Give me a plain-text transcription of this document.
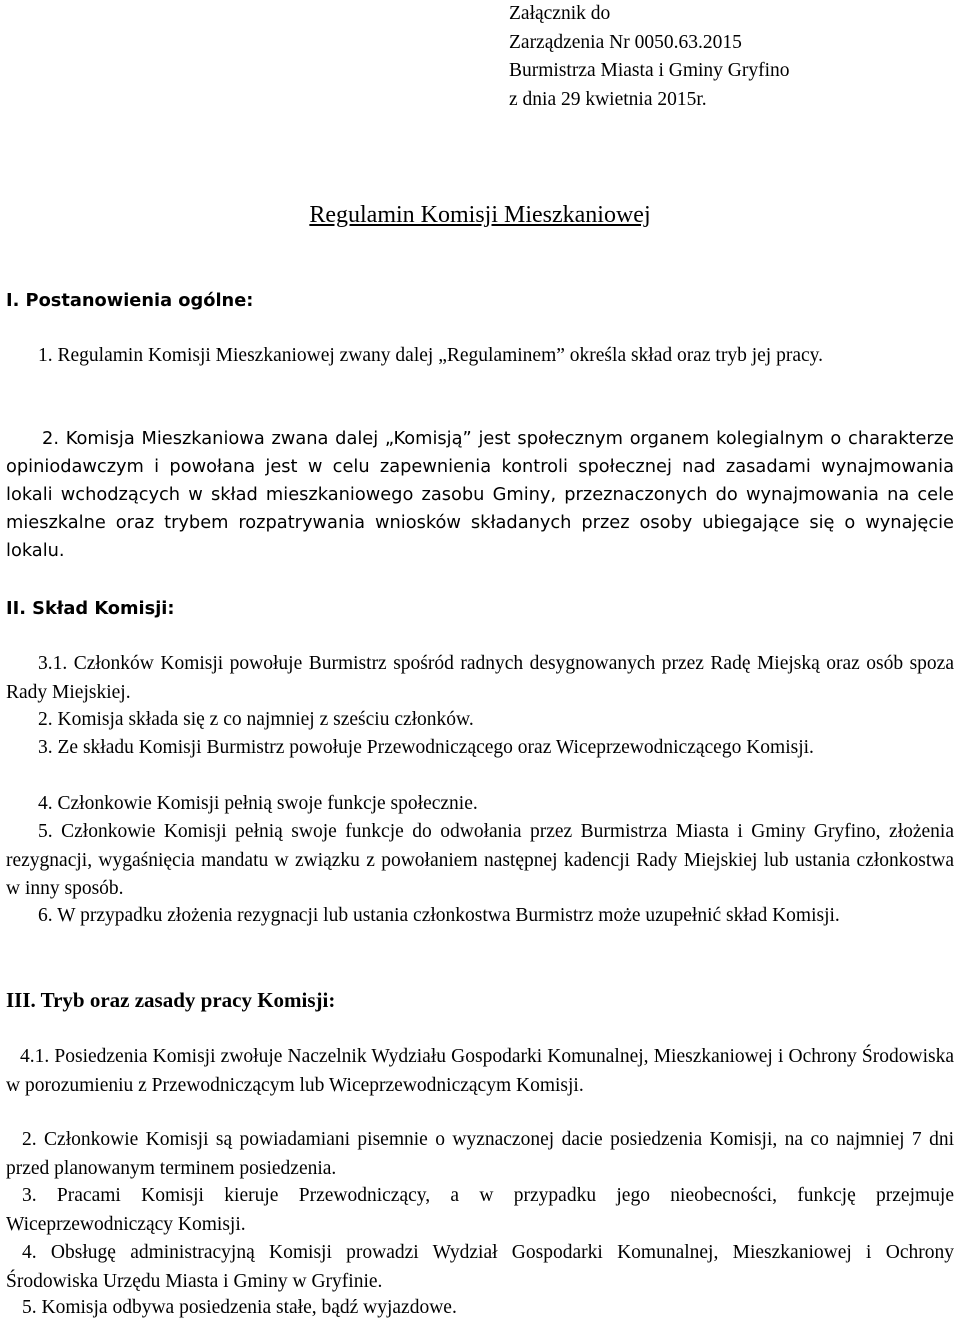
Załącznik do
Zarządzenia Nr 0050.63.2015
Burmistrza Miasta i Gminy Gryfino
z dnia 29 kwietnia 2015r.
Regulamin Komisji Mieszkaniowej
I. Postanowienia ogólne:

1. Regulamin Komisji Mieszkaniowej zwany dalej „Regulaminem” określa skład oraz tryb jej pracy.

2. Komisja Mieszkaniowa zwana dalej „Komisją” jest społecznym organem kolegialnym o charakterze opiniodawczym i powołana jest w celu zapewnienia kontroli społecznej nad zasadami wynajmowania lokali wchodzących w skład mieszkaniowego zasobu Gminy, przeznaczonych do wynajmowania na cele mieszkalne oraz trybem rozpatrywania wniosków składanych przez osoby ubiegające się o wynajęcie lokalu.

II. Skład Komisji:

3.1. Członków Komisji powołuje Burmistrz spośród radnych desygnowanych przez Radę Miejską oraz osób spoza Rady Miejskiej.

2. Komisja składa się z co najmniej z sześciu członków.

3. Ze składu Komisji Burmistrz powołuje Przewodniczącego oraz Wiceprzewodniczącego Komisji.

4. Członkowie Komisji pełnią swoje funkcje społecznie.

5. Członkowie Komisji pełnią swoje funkcje do odwołania przez Burmistrza Miasta i Gminy Gryfino, złożenia rezygnacji, wygaśnięcia mandatu w związku z powołaniem następnej kadencji Rady Miejskiej lub ustania członkostwa w inny sposób.

6. W przypadku złożenia rezygnacji lub ustania członkostwa Burmistrz może uzupełnić skład Komisji.

III. Tryb oraz zasady pracy Komisji:

4.1. Posiedzenia Komisji zwołuje Naczelnik Wydziału Gospodarki Komunalnej, Mieszkaniowej i Ochrony Środowiska w porozumieniu z Przewodniczącym lub Wiceprzewodniczącym Komisji.

2. Członkowie Komisji są powiadamiani pisemnie o wyznaczonej dacie posiedzenia Komisji, na co najmniej 7 dni przed planowanym terminem posiedzenia.

3. Pracami Komisji kieruje Przewodniczący, a w przypadku jego nieobecności, funkcję przejmuje Wiceprzewodniczący Komisji.

4. Obsługę administracyjną Komisji prowadzi Wydział Gospodarki Komunalnej, Mieszkaniowej i Ochrony Środowiska Urzędu Miasta i Gminy w Gryfinie.

5. Komisja odbywa posiedzenia stałe, bądź wyjazdowe.
